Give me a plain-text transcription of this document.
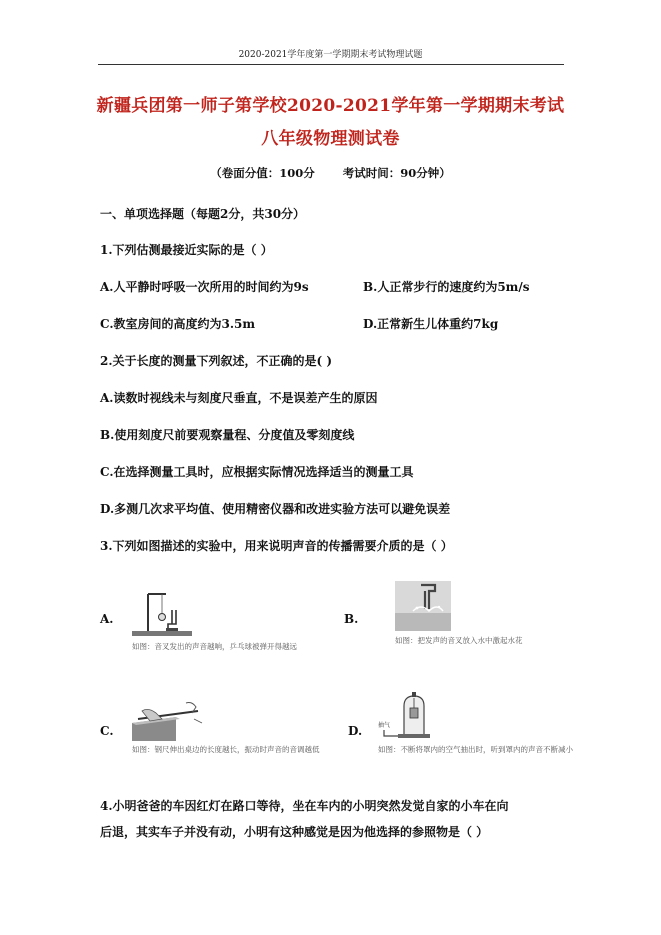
2020-2021学年度第一学期期末考试物理试题
新疆兵团第一师子第学校2020-2021学年第一学期期末考试
八年级物理测试卷
（卷面分值：100分 考试时间：90分钟）
一、单项选择题（每题2分，共30分）
1.下列估测最接近实际的是（ ）
A.人平静时呼吸一次所用的时间约为9s	B.人正常步行的速度约为5m/s
C.教室房间的高度约为3.5m	D.正常新生儿体重约7kg
2.关于长度的测量下列叙述，不正确的是( )
A.读数时视线未与刻度尺垂直，不是误差产生的原因
B.使用刻度尺前要观察量程、分度值及零刻度线
C.在选择测量工具时，应根据实际情况选择适当的测量工具
D.多测几次求平均值、使用精密仪器和改进实验方法可以避免误差
3.下列如图描述的实验中，用来说明声音的传播需要介质的是（ ）
A.
如图：音叉发出的声音越响，乒乓球被弹开得越远
B.
如图：把发声的音叉放入水中激起水花
C.
如图：钢尺伸出桌边的长度越长，振动时声音的音调越低
D.	抽气
如图：不断将罩内的空气抽出时，听到罩内的声音不断减小
4.小明爸爸的车因红灯在路口等待，坐在车内的小明突然发觉自家的小车在向
后退，其实车子并没有动，小明有这种感觉是因为他选择的参照物是（ ）
